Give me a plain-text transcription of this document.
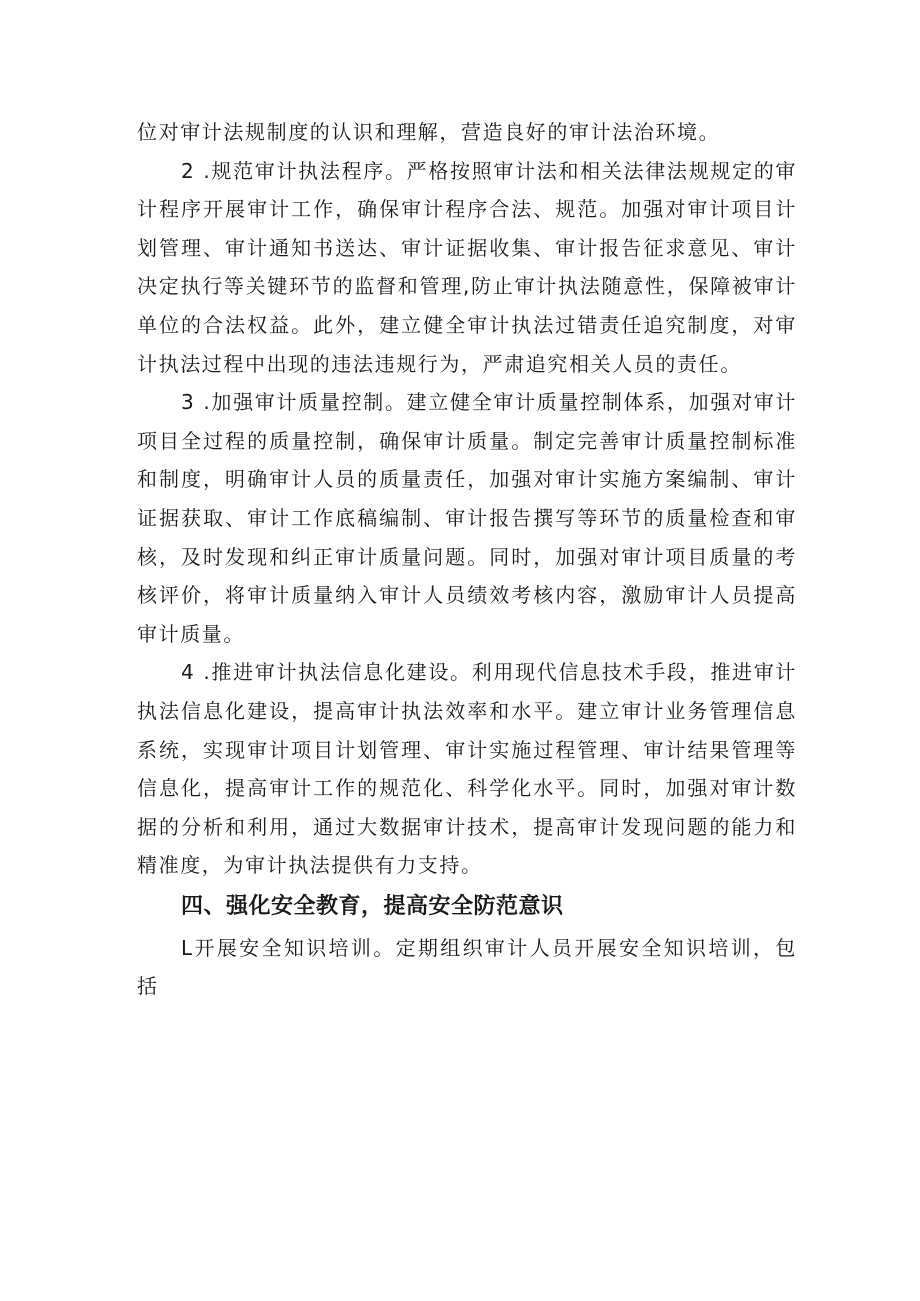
位对审计法规制度的认识和理解，营造良好的审计法治环境。

2 .规范审计执法程序。严格按照审计法和相关法律法规规定的审计程序开展审计工作，确保审计程序合法、规范。加强对审计项目计划管理、审计通知书送达、审计证据收集、审计报告征求意见、审计决定执行等关键环节的监督和管理,防止审计执法随意性，保障被审计单位的合法权益。此外，建立健全审计执法过错责任追究制度，对审计执法过程中出现的违法违规行为，严肃追究相关人员的责任。

3 .加强审计质量控制。建立健全审计质量控制体系，加强对审计项目全过程的质量控制，确保审计质量。制定完善审计质量控制标准和制度，明确审计人员的质量责任，加强对审计实施方案编制、审计证据获取、审计工作底稿编制、审计报告撰写等环节的质量检查和审核，及时发现和纠正审计质量问题。同时，加强对审计项目质量的考核评价，将审计质量纳入审计人员绩效考核内容，激励审计人员提高审计质量。

4 .推进审计执法信息化建设。利用现代信息技术手段，推进审计执法信息化建设，提高审计执法效率和水平。建立审计业务管理信息系统，实现审计项目计划管理、审计实施过程管理、审计结果管理等信息化，提高审计工作的规范化、科学化水平。同时，加强对审计数据的分析和利用，通过大数据审计技术，提高审计发现问题的能力和精准度，为审计执法提供有力支持。

四、强化安全教育，提高安全防范意识

L开展安全知识培训。定期组织审计人员开展安全知识培训，包括
